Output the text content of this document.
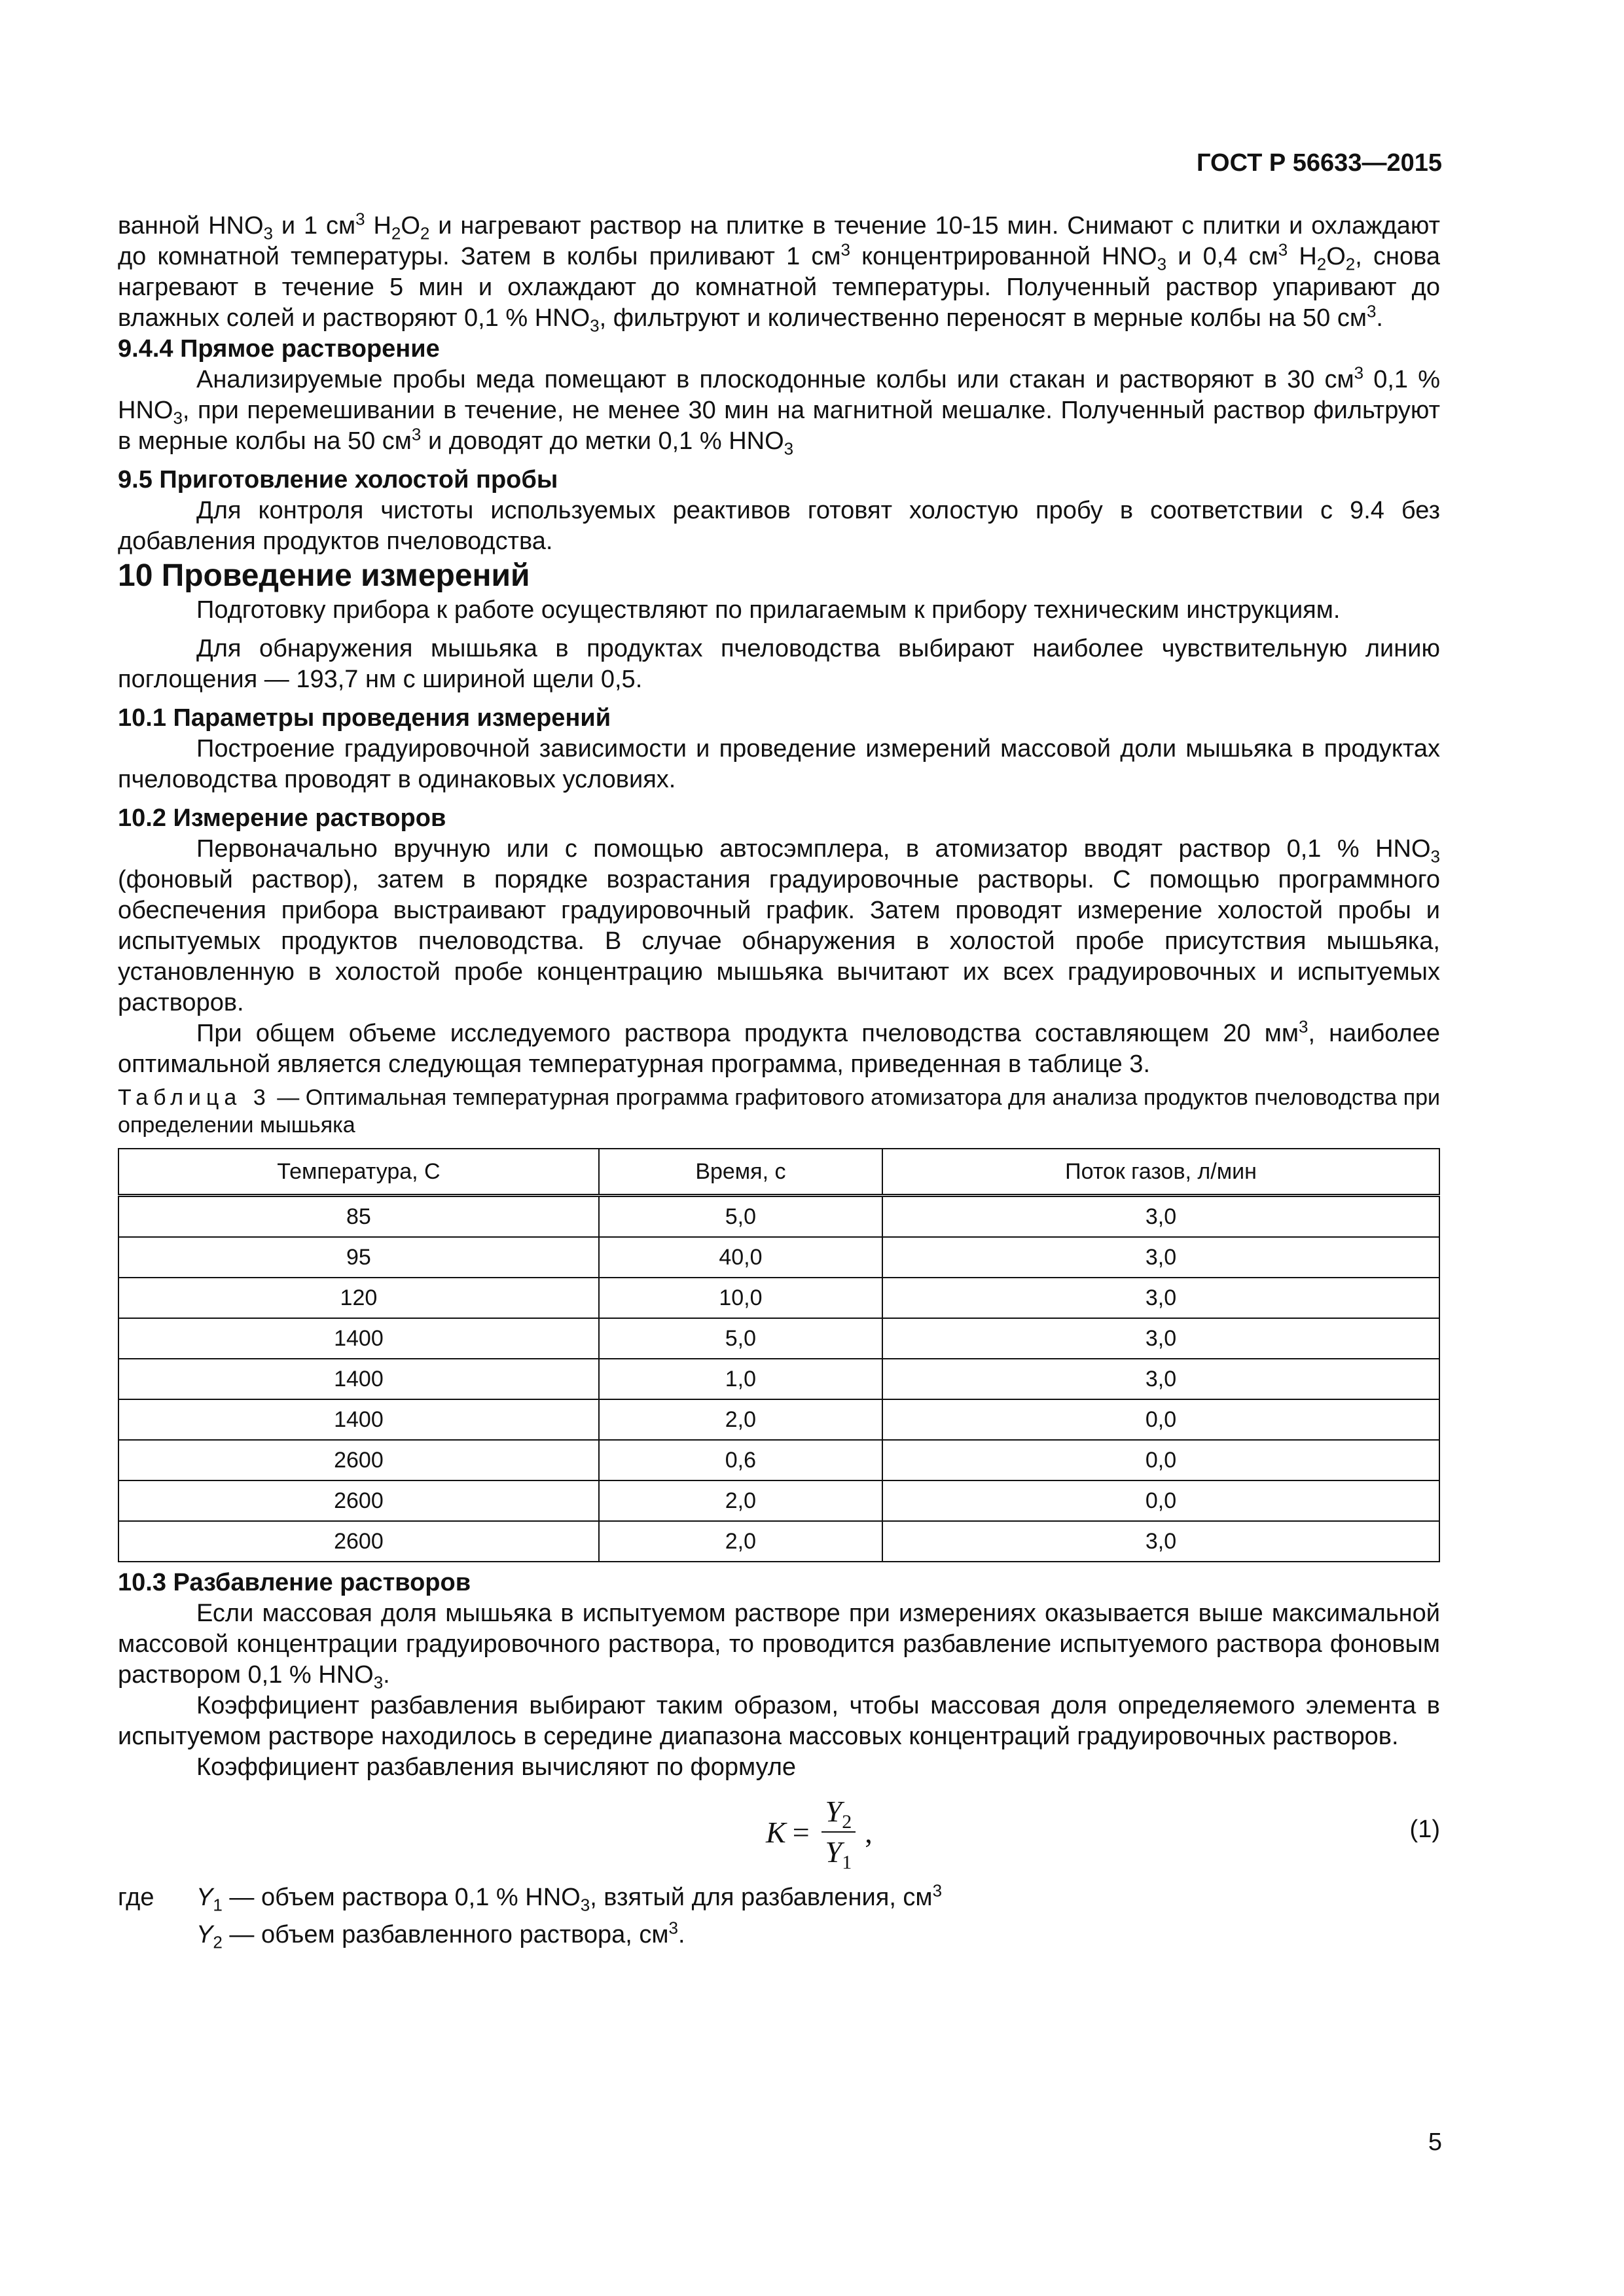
ГОСТ Р 56633—2015

ванной $HNO_3$ и 1 $см^3$ $H_2O_2$ и нагревают раствор на плитке в течение 10-15 мин. Снимают с плитки и охлаждают до комнатной температуры. Затем в колбы приливают 1 $см^3$ концентрированной $HNO_3$ и 0,4 $см^3$ $H_2O_2$, снова нагревают в течение 5 мин и охлаждают до комнатной температуры. Полученный раствор упаривают до влажных солей и растворяют 0,1 % $HNO_3$, фильтруют и количественно переносят в мерные колбы на 50 $см^3$.

9.4.4 Прямое растворение

Анализируемые пробы меда помещают в плоскодонные колбы или стакан и растворяют в 30 $см^3$ 0,1 % $HNO_3$, при перемешивании в течение, не менее 30 мин на магнитной мешалке. Полученный раствор фильтруют в мерные колбы на 50 $см^3$ и доводят до метки 0,1 % $HNO_3$

9.5 Приготовление холостой пробы

Для контроля чистоты используемых реактивов готовят холостую пробу в соответствии с 9.4 без добавления продуктов пчеловодства.

10 Проведение измерений

Подготовку прибора к работе осуществляют по прилагаемым к прибору техническим инструкциям.

Для обнаружения мышьяка в продуктах пчеловодства выбирают наиболее чувствительную линию поглощения — 193,7 нм с шириной щели 0,5.

10.1 Параметры проведения измерений

Построение градуировочной зависимости и проведение измерений массовой доли мышьяка в продуктах пчеловодства проводят в одинаковых условиях.

10.2 Измерение растворов

Первоначально вручную или с помощью автосэмплера, в атомизатор вводят раствор 0,1 % $HNO_3$ (фоновый раствор), затем в порядке возрастания градуировочные растворы. С помощью программного обеспечения прибора выстраивают градуировочный график. Затем проводят измерение холостой пробы и испытуемых продуктов пчеловодства. В случае обнаружения в холостой пробе присутствия мышьяка, установленную в холостой пробе концентрацию мышьяка вычитают их всех градуировочных и испытуемых растворов.

При общем объеме исследуемого раствора продукта пчеловодства составляющем 20 $мм^3$, наиболее оптимальной является следующая температурная программа, приведенная в таблице 3.

Таблица 3 — Оптимальная температурная программа графитового атомизатора для анализа продуктов пчеловодства при определении мышьяка

Температура, С	Время, с	Поток газов, л/мин
85	5,0	3,0
95	40,0	3,0
120	10,0	3,0
1400	5,0	3,0
1400	1,0	3,0
1400	2,0	0,0
2600	0,6	0,0
2600	2,0	0,0
2600	2,0	3,0

10.3 Разбавление растворов

Если массовая доля мышьяка в испытуемом растворе при измерениях оказывается выше максимальной массовой концентрации градуировочного раствора, то проводится разбавление испытуемого раствора фоновым раствором 0,1 % $HNO_3$.

Коэффициент разбавления выбирают таким образом, чтобы массовая доля определяемого элемента в испытуемом растворе находилось в середине диапазона массовых концентраций градуировочных растворов.

Коэффициент разбавления вычисляют по формуле

$K = \frac{Y_2}{Y_1}$ ,	(1)

где $Y_1$ — объем раствора 0,1 % $HNO_3$, взятый для разбавления, $см^3$
$Y_2$ — объем разбавленного раствора, $см^3$.

5
